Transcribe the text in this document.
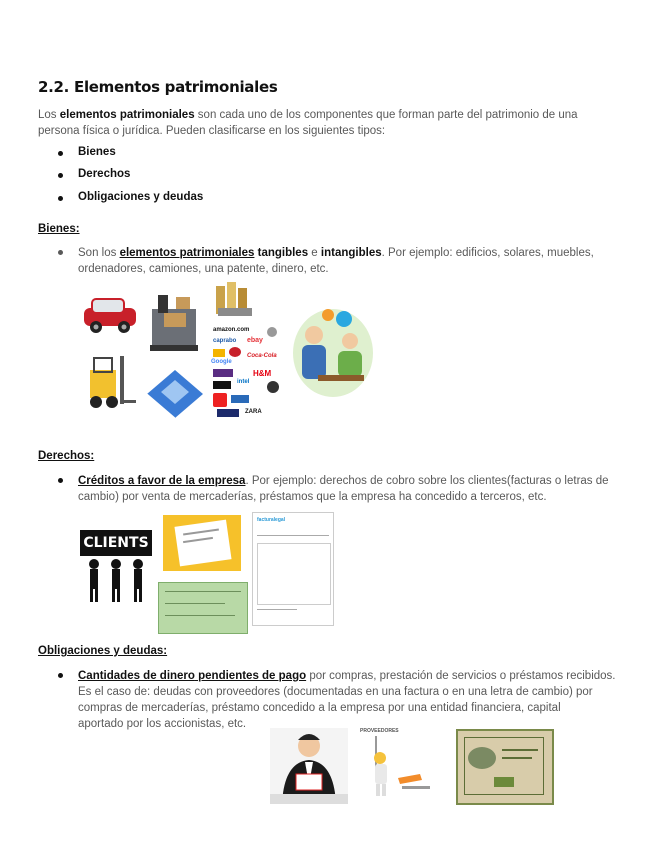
2.2. Elementos patrimoniales
Los elementos patrimoniales son cada uno de los componentes que forman parte del patrimonio de una
persona física o jurídica. Pueden clasificarse en los siguientes tipos:
Bienes
Derechos
Obligaciones y deudas
Bienes:
Son los elementos patrimoniales tangibles e intangibles. Por ejemplo: edificios, solares, muebles,
ordenadores, camiones, una patente, dinero, etc.
amazon.com
caprabo ebay
Coca-Cola
Google
intel
H&M
ZARA
Derechos:
Créditos a favor de la empresa. Por ejemplo: derechos de cobro sobre los clientes(facturas o letras de
cambio) por venta de mercaderías, préstamos que la empresa ha concedido a terceros, etc.
CLIENTS
facturalegal
Obligaciones y deudas:
Cantidades de dinero pendientes de pago por compras, prestación de servicios o préstamos recibidos.
Es el caso de: deudas con proveedores (documentadas en una factura o en una letra de cambio) por
compras de mercaderías, préstamo concedido a la empresa por una entidad financiera, capital
aportado por los accionistas, etc.
PROVEEDORES
